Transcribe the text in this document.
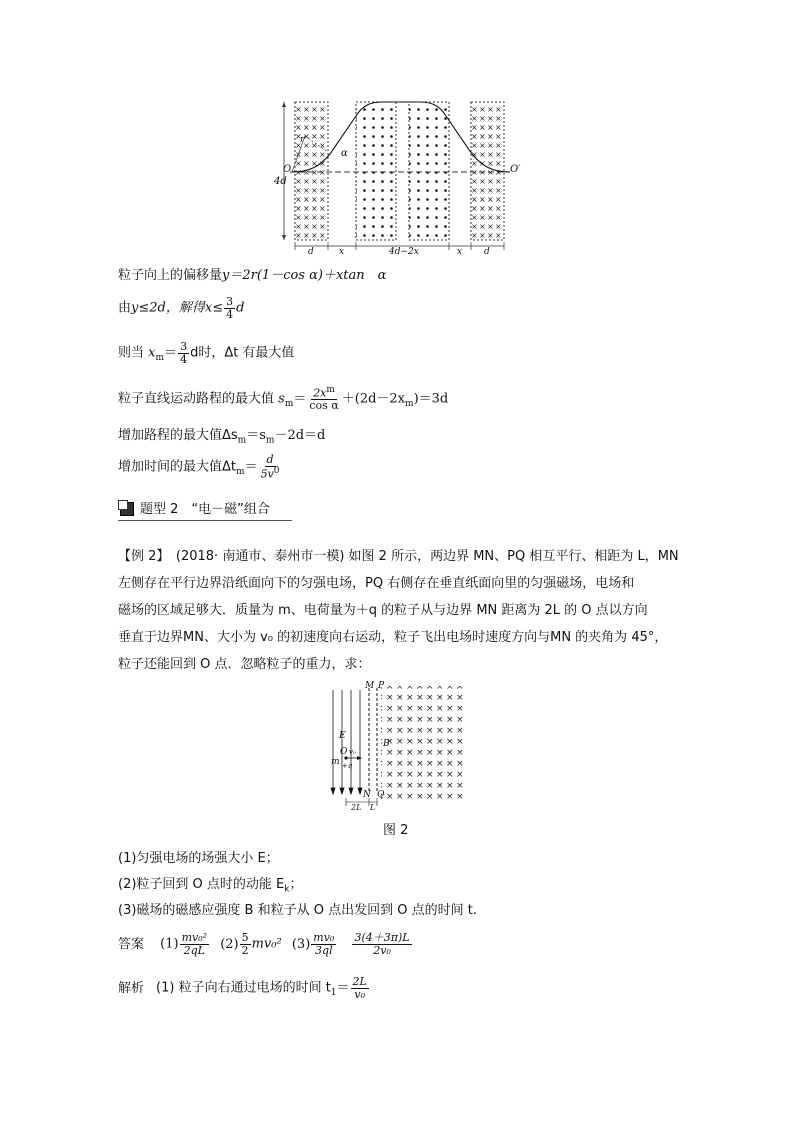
O	O′
4d
α
r
d	x	4d−2x	x d
粒子向上的偏移量y＝2r(1－cos α)＋xtan　α
由y≤2d，解得$x\le \frac{3}{4}$ d
则当 $x_m= \frac{3}{4}$ d时，Δt 有最大值
粒子直线运动路程的最大值 $s_m= \frac{2x^m}{\text{cos α}} +(2d-2x_m)=3d$
增加路程的最大值$\Delta s_m=s_m-2d=d$
增加时间的最大值$\Delta t_m= \frac{d}{5v^0}$
题型 2　“电－磁”组合
【例 2】　(2018· 南通市、泰州市一模) 如图 2 所示，两边界 MN、PQ 相互平行、相距为 L，MN
左侧存在平行边界沿纸面向下的匀强电场，PQ 右侧存在垂直纸面向里的匀强磁场，电场和
磁场的区域足够大．质量为 m、电荷量为＋q 的粒子从与边界 MN 距离为 2L 的 O 点以方向
垂直于边界MN、大小为 v₀ 的初速度向右运动，粒子飞出电场时速度方向与MN 的夹角为 45°，
粒子还能回到 O 点．忽略粒子的重力，求：
M P
N Q
E
O v₀
m +q
B
2L L
图 2
(1)匀强电场的场强大小 E；
(2)粒子回到 O 点时的动能 $E_k$；
(3)磁场的磁感应强度 B 和粒子从 O 点出发回到 O 点的时间 t.
答案 $(1) \frac{\text{mv₀²}}{2qL} (2) \frac{5}{2} mv_0^2$ $(3) \frac{\text{mv₀}}{3ql}$
$\frac{3(4+3\pi)L}{\text{2v₀}}$
解析 (1) 粒子向右通过电场的时间 $t_1= \frac{2L}{\text{v₀}}$
